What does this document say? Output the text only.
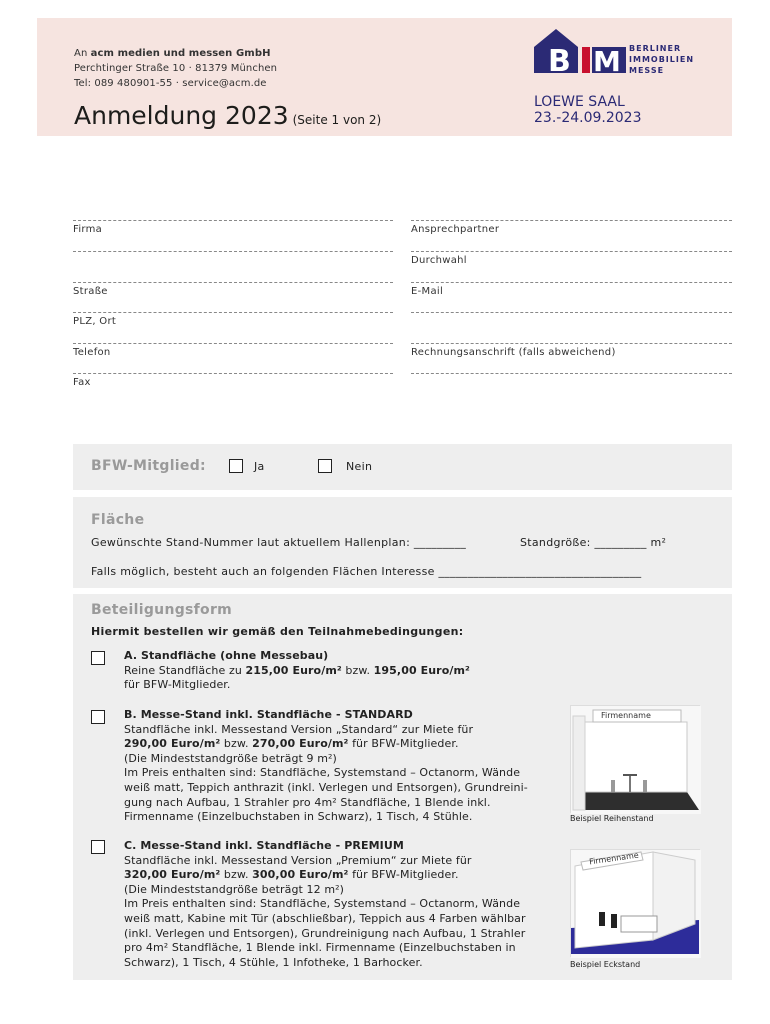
An acm medien und messen GmbH
Perchtinger Straße 10 · 81379 München
Tel: 089 480901-55 · service@acm.de
Anmeldung 2023 (Seite 1 von 2)
B M BERLINER
IMMOBILIEN
MESSE
LOEWE SAAL
23.-24.09.2023
Firma
Straße
PLZ, Ort
Telefon
Fax
Ansprechpartner
Durchwahl
E-Mail
Rechnungsanschrift (falls abweichend)
BFW-Mitglied:	Ja	Nein
Fläche
Gewünschte Stand-Nummer laut aktuellem Hallenplan: _________	Standgröße: _________ m²
Falls möglich, besteht auch an folgenden Flächen Interesse ___________________________________
Beteiligungsform
Hiermit bestellen wir gemäß den Teilnahmebedingungen:
A. Standfläche (ohne Messebau)
Reine Standfläche zu 215,00 Euro/m² bzw. 195,00 Euro/m²
für BFW-Mitglieder.
B. Messe-Stand inkl. Standfläche - STANDARD
Standfläche inkl. Messestand Version „Standard“ zur Miete für
290,00 Euro/m² bzw. 270,00 Euro/m² für BFW-Mitglieder.
(Die Mindeststandgröße beträgt 9 m²)
Im Preis enthalten sind: Standfläche, Systemstand – Octanorm, Wände
weiß matt, Teppich anthrazit (inkl. Verlegen und Entsorgen), Grundreini-
gung nach Aufbau, 1 Strahler pro 4m² Standfläche, 1 Blende inkl.
Firmenname (Einzelbuchstaben in Schwarz), 1 Tisch, 4 Stühle.
Firmenname
Beispiel Reihenstand
C. Messe-Stand inkl. Standfläche - PREMIUM
Standfläche inkl. Messestand Version „Premium“ zur Miete für
320,00 Euro/m² bzw. 300,00 Euro/m² für BFW-Mitglieder.
(Die Mindeststandgröße beträgt 12 m²)
Im Preis enthalten sind: Standfläche, Systemstand – Octanorm, Wände
weiß matt, Kabine mit Tür (abschließbar), Teppich aus 4 Farben wählbar
(inkl. Verlegen und Entsorgen), Grundreinigung nach Aufbau, 1 Strahler
pro 4m² Standfläche, 1 Blende inkl. Firmenname (Einzelbuchstaben in
Schwarz), 1 Tisch, 4 Stühle, 1 Infotheke, 1 Barhocker.
Firmenname
Beispiel Eckstand
